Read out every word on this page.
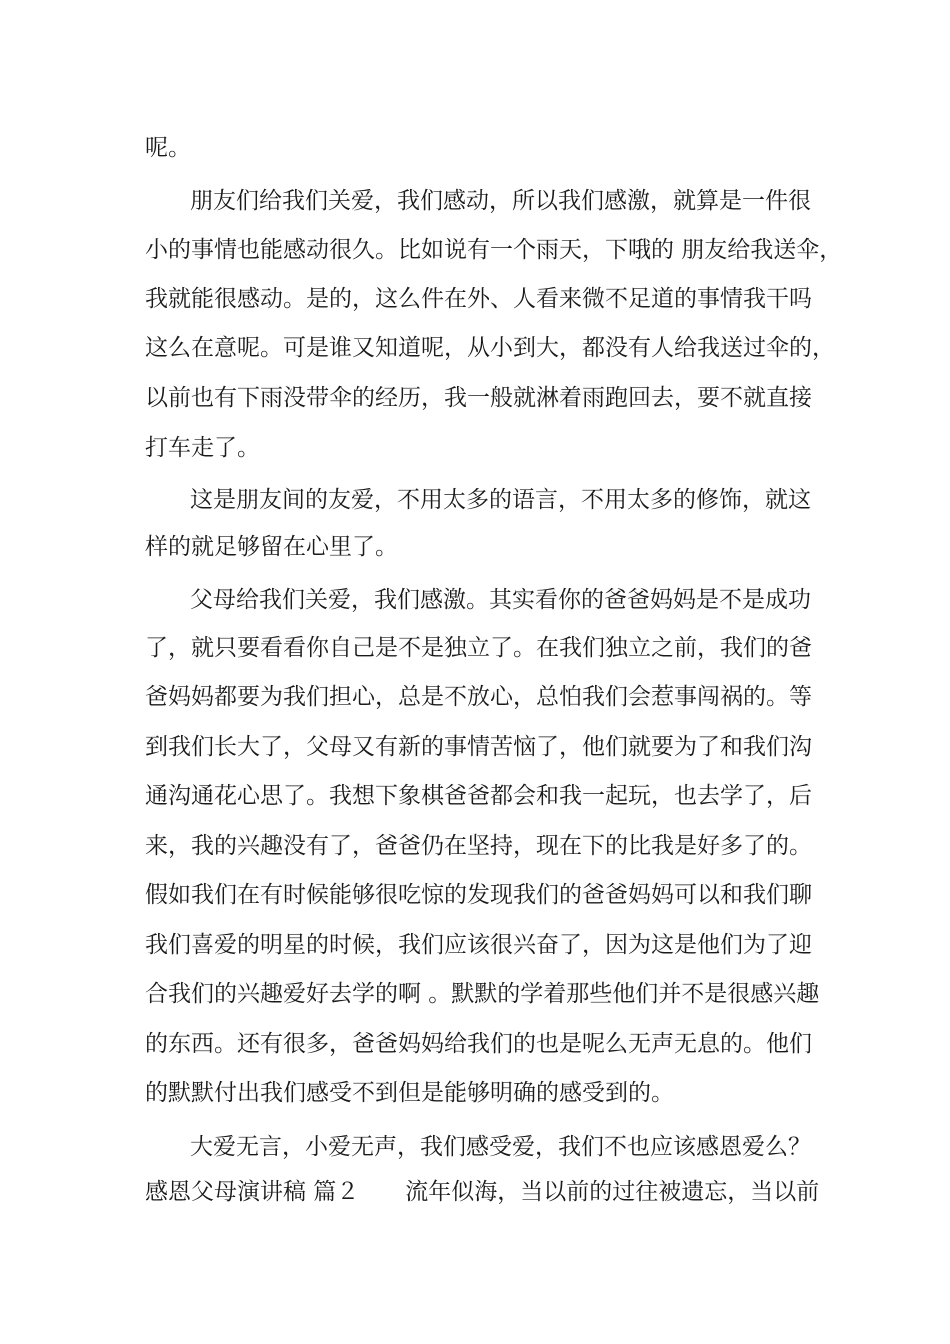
呢。
朋友们给我们关爱，我们感动，所以我们感激，就算是一件很
小的事情也能感动很久。比如说有一个雨天，下哦的 朋友给我送伞，
我就能很感动。是的，这么件在外、人看来微不足道的事情我干吗
这么在意呢。可是谁又知道呢，从小到大，都没有人给我送过伞的，
以前也有下雨没带伞的经历，我一般就淋着雨跑回去，要不就直接
打车走了。
这是朋友间的友爱，不用太多的语言，不用太多的修饰，就这
样的就足够留在心里了。
父母给我们关爱，我们感激。其实看你的爸爸妈妈是不是成功
了，就只要看看你自己是不是独立了。在我们独立之前，我们的爸
爸妈妈都要为我们担心，总是不放心，总怕我们会惹事闯祸的。等
到我们长大了，父母又有新的事情苦恼了，他们就要为了和我们沟
通沟通花心思了。我想下象棋爸爸都会和我一起玩，也去学了，后
来，我的兴趣没有了，爸爸仍在坚持，现在下的比我是好多了的。
假如我们在有时候能够很吃惊的发现我们的爸爸妈妈可以和我们聊
我们喜爱的明星的时候，我们应该很兴奋了，因为这是他们为了迎
合我们的兴趣爱好去学的啊 。默默的学着那些他们并不是很感兴趣
的东西。还有很多，爸爸妈妈给我们的也是呢么无声无息的。他们
的默默付出我们感受不到但是能够明确的感受到的。
大爱无言，小爱无声，我们感受爱，我们不也应该感恩爱么？
感恩父母演讲稿 篇２　　流年似海，当以前的过往被遗忘，当以前
